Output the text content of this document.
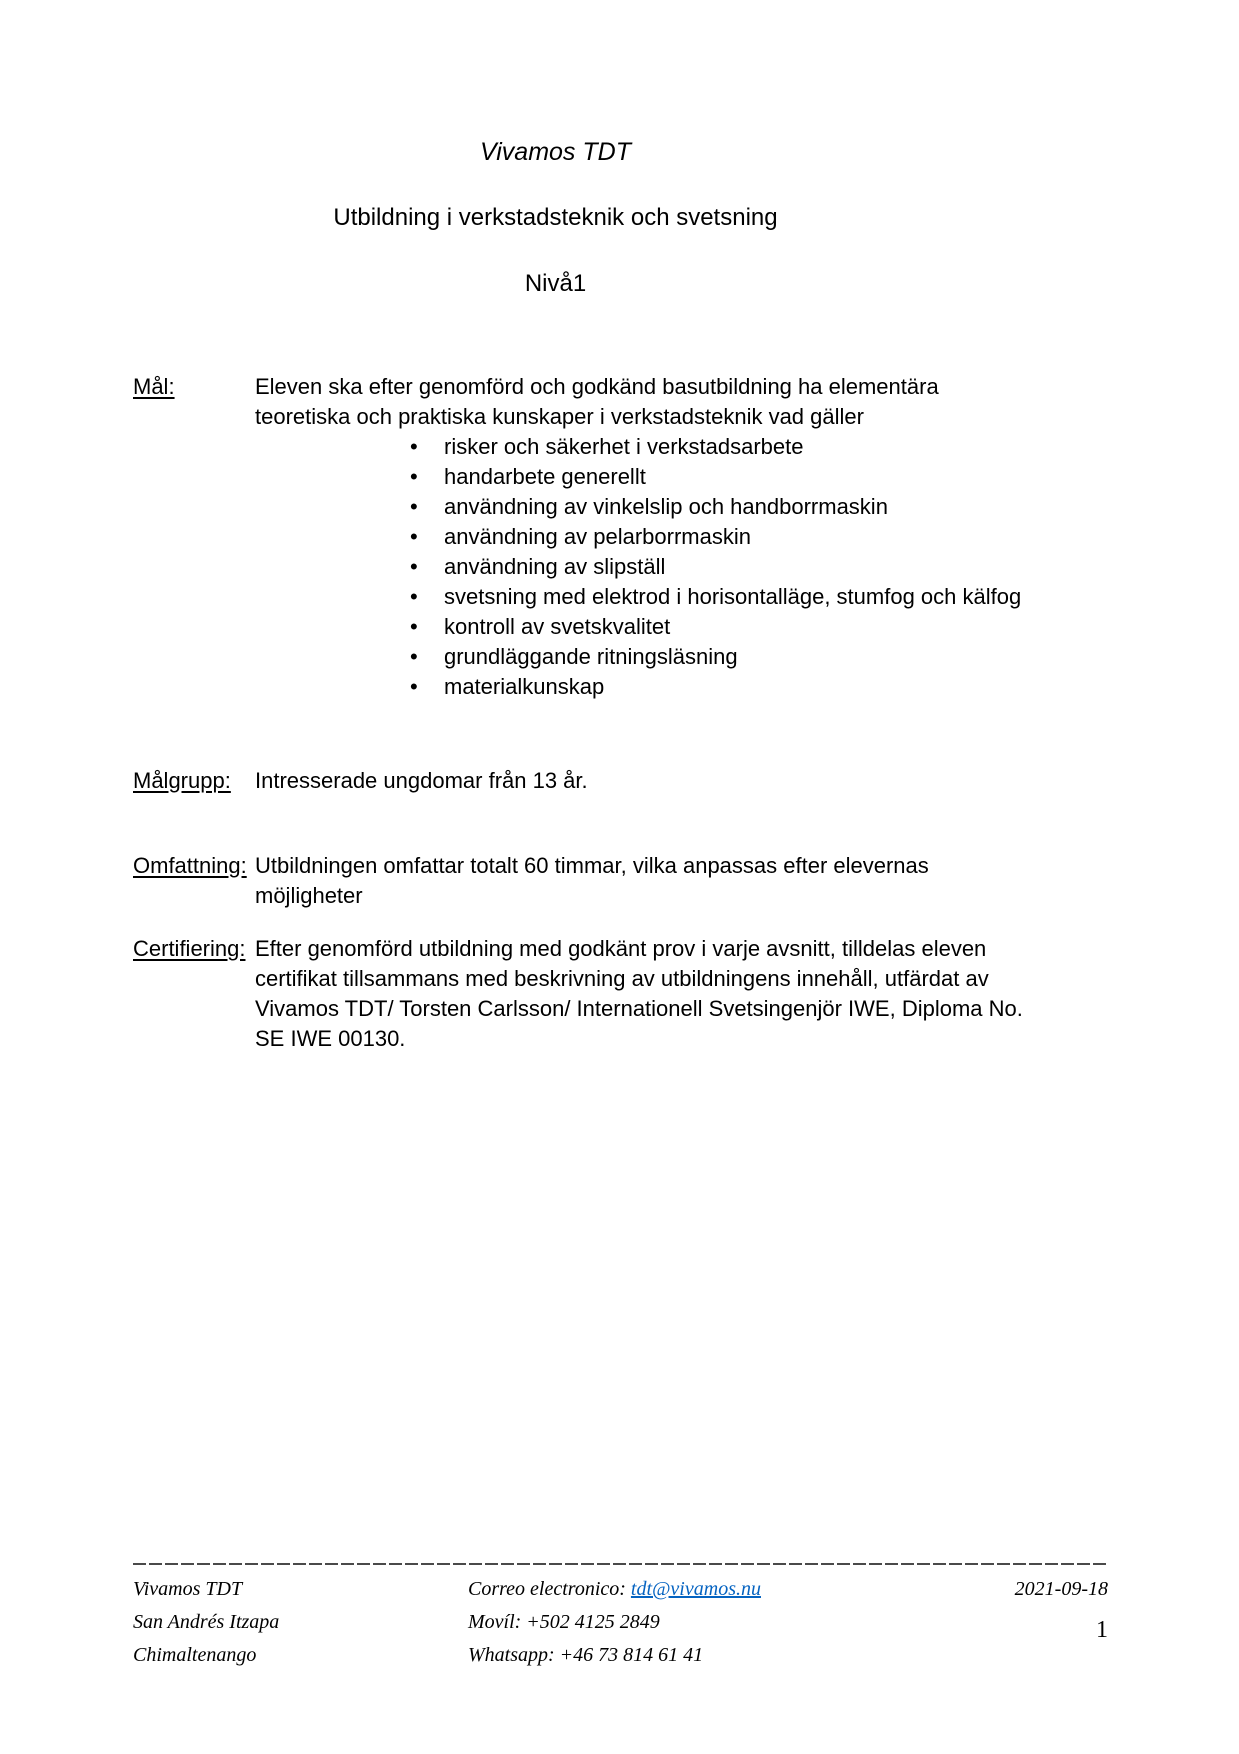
Vivamos TDT
Utbildning i verkstadsteknik och svetsning
Nivå1
Mål:	Eleven ska efter genomförd och godkänd basutbildning ha elementära teoretiska och praktiska kunskaper i verkstadsteknik vad gäller
•	risker och säkerhet i verkstadsarbete
•	handarbete generellt
•	användning av vinkelslip och handborrmaskin
•	användning av pelarborrmaskin
•	användning av slipställ
•	svetsning med elektrod i horisontalläge, stumfog och kälfog
•	kontroll av svetskvalitet
•	grundläggande ritningsläsning
•	materialkunskap
Målgrupp:	Intresserade ungdomar från 13 år.
Omfattning: Utbildningen omfattar totalt 60 timmar, vilka anpassas efter elevernas möjligheter
Certifiering: Efter genomförd utbildning med godkänt prov i varje avsnitt, tilldelas eleven certifikat tillsammans med beskrivning av utbildningens innehåll, utfärdat av Vivamos TDT/ Torsten Carlsson/ Internationell Svetsingenjör IWE, Diploma No. SE IWE 00130.
Vivamos TDT
San Andrés Itzapa
Chimaltenango
Correo electronico: tdt@vivamos.nu
Movíl: +502 4125 2849
Whatsapp: +46 73 814 61 41
2021-09-18
1
